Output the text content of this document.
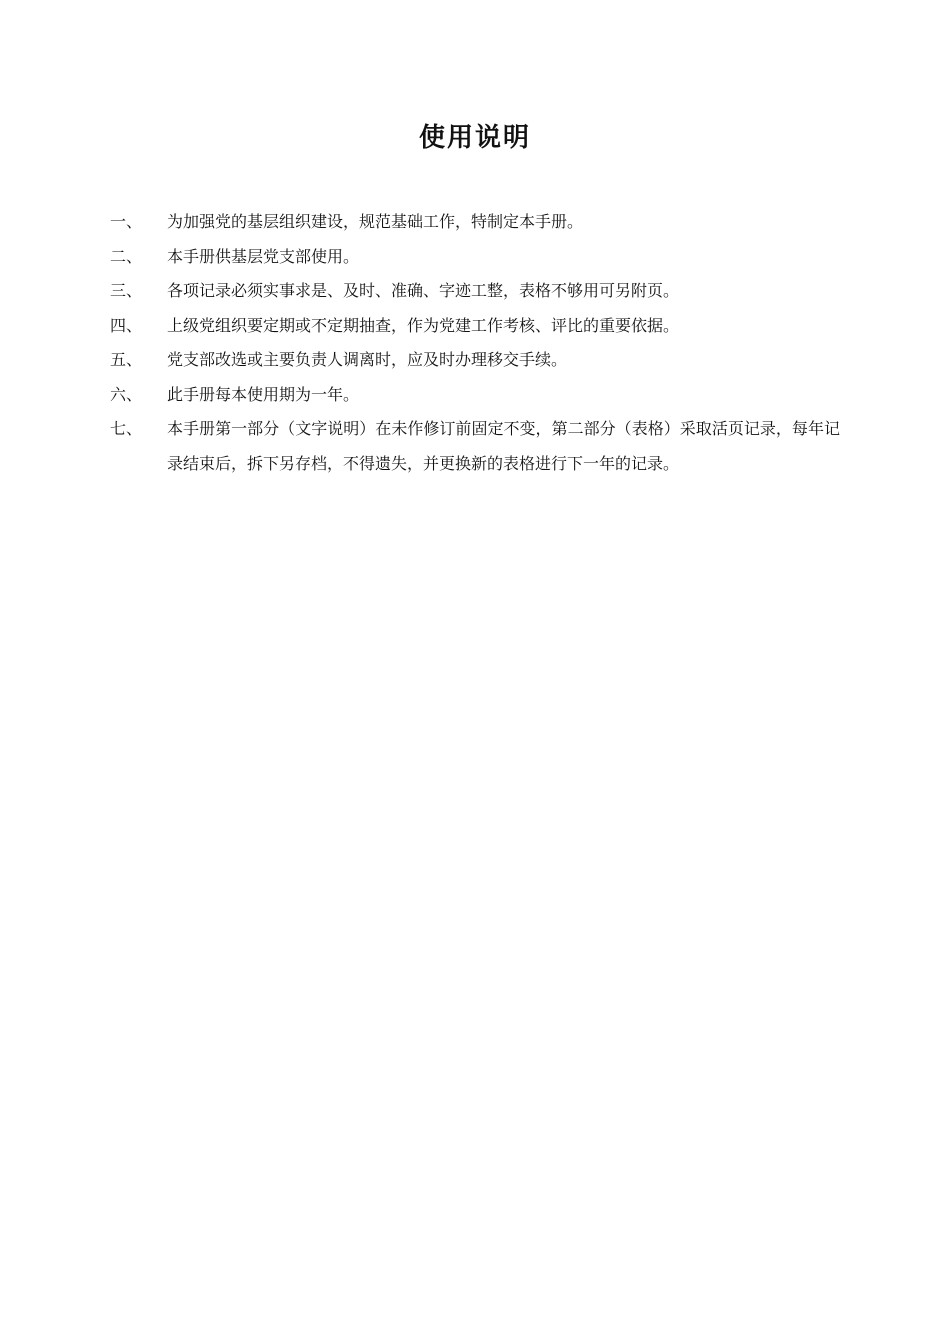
使用说明
一、	为加强党的基层组织建设，规范基础工作，特制定本手册。
二、	本手册供基层党支部使用。
三、	各项记录必须实事求是、及时、准确、字迹工整，表格不够用可另附页。
四、	上级党组织要定期或不定期抽查，作为党建工作考核、评比的重要依据。
五、	党支部改选或主要负责人调离时，应及时办理移交手续。
六、	此手册每本使用期为一年。
七、	本手册第一部分（文字说明）在未作修订前固定不变，第二部分（表格）采取活页记录，每年记录结束后，拆下另存档，不得遗失，并更换新的表格进行下一年的记录。
